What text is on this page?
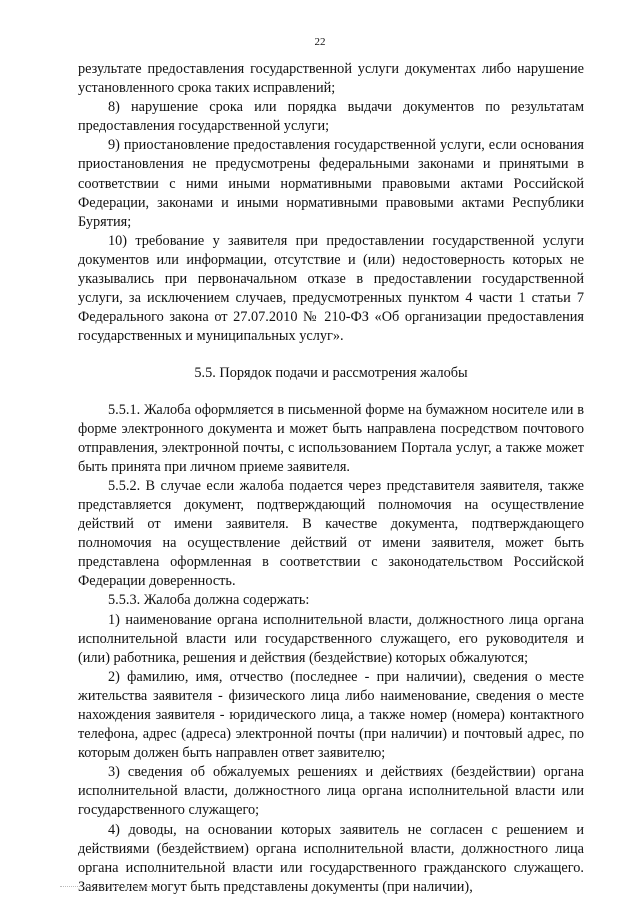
22

результате предоставления государственной услуги документах либо нарушение установленного срока таких исправлений;

8) нарушение срока или порядка выдачи документов по результатам предоставления государственной услуги;

9) приостановление предоставления государственной услуги, если основания приостановления не предусмотрены федеральными законами и принятыми в соответствии с ними иными нормативными правовыми актами Российской Федерации, законами и иными нормативными правовыми актами Республики Бурятия;

10) требование у заявителя при предоставлении государственной услуги документов или информации, отсутствие и (или) недостоверность которых не указывались при первоначальном отказе в предоставлении государственной услуги, за исключением случаев, предусмотренных пунктом 4 части 1 статьи 7 Федерального закона от 27.07.2010 № 210-ФЗ «Об организации предоставления государственных и муниципальных услуг».

5.5. Порядок подачи и рассмотрения жалобы

5.5.1. Жалоба оформляется в письменной форме на бумажном носителе или в форме электронного документа и может быть направлена посредством почтового отправления, электронной почты, с использованием Портала услуг, а также может быть принята при личном приеме заявителя.

5.5.2. В случае если жалоба подается через представителя заявителя, также представляется документ, подтверждающий полномочия на осуществление действий от имени заявителя. В качестве документа, подтверждающего полномочия на осуществление действий от имени заявителя, может быть представлена оформленная в соответствии с законодательством Российской Федерации доверенность.

5.5.3. Жалоба должна содержать:

1) наименование органа исполнительной власти, должностного лица органа исполнительной власти или государственного служащего, его руководителя и (или) работника, решения и действия (бездействие) которых обжалуются;

2) фамилию, имя, отчество (последнее - при наличии), сведения о месте жительства заявителя - физического лица либо наименование, сведения о месте нахождения заявителя - юридического лица, а также номер (номера) контактного телефона, адрес (адреса) электронной почты (при наличии) и почтовый адрес, по которым должен быть направлен ответ заявителю;

3) сведения об обжалуемых решениях и действиях (бездействии) органа исполнительной власти, должностного лица органа исполнительной власти или государственного служащего;

4) доводы, на основании которых заявитель не согласен с решением и действиями (бездействием) органа исполнительной власти, должностного лица органа исполнительной власти или государственного гражданского служащего. Заявителем могут быть представлены документы (при наличии),
